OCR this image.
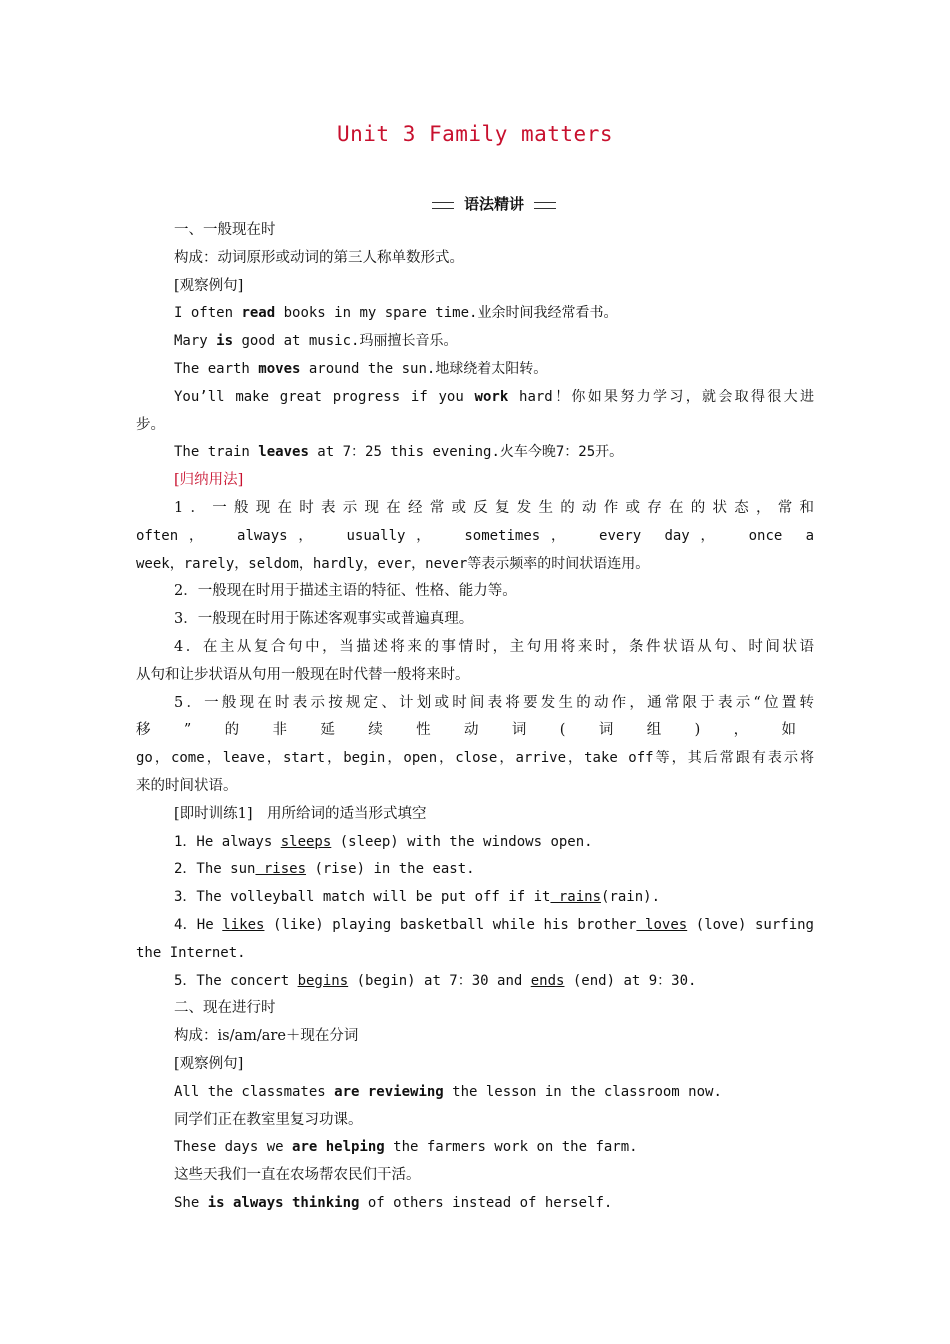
Unit 3 Family matters
语法精讲

一、一般现在时

构成：动词原形或动词的第三人称单数形式。

[观察例句]

I often read books in my spare time.业余时间我经常看书。

Mary is good at music.玛丽擅长音乐。

The earth moves around the sun.地球绕着太阳转。

You’ll make great progress if you work hard！你如果努力学习，就会取得很大进

步。

The train leaves at 7：25 this evening.火车今晚7：25开。

[归纳用法]

1．一般现在时表示现在经常或反复发生的动作或存在的状态，常和

often， always， usually， sometimes， every day， once a

week，rarely，seldom，hardly，ever，never等表示频率的时间状语连用。

2．一般现在时用于描述主语的特征、性格、能力等。

3．一般现在时用于陈述客观事实或普遍真理。

4．在主从复合句中，当描述将来的事情时，主句用将来时，条件状语从句、时间状语

从句和让步状语从句用一般现在时代替一般将来时。

5．一般现在时表示按规定、计划或时间表将要发生的动作，通常限于表示“位置转

移”的非延续性动词(词组)，如

go，come，leave，start，begin，open，close，arrive，take off等，其后常跟有表示将

来的时间状语。

[即时训练1]　用所给词的适当形式填空

1．He always sleeps (sleep) with the windows open.

2．The sun rises (rise) in the east.

3．The volleyball match will be put off if it rains(rain).

4．He likes (like) playing basketball while his brother loves (love) surfing

the Internet.

5．The concert begins (begin) at 7：30 and ends (end) at 9：30.

二、现在进行时

构成：is/am/are＋现在分词

[观察例句]

All the classmates are reviewing the lesson in the classroom now.

同学们正在教室里复习功课。

These days we are helping the farmers work on the farm.

这些天我们一直在农场帮农民们干活。

She is always thinking of others instead of herself.
